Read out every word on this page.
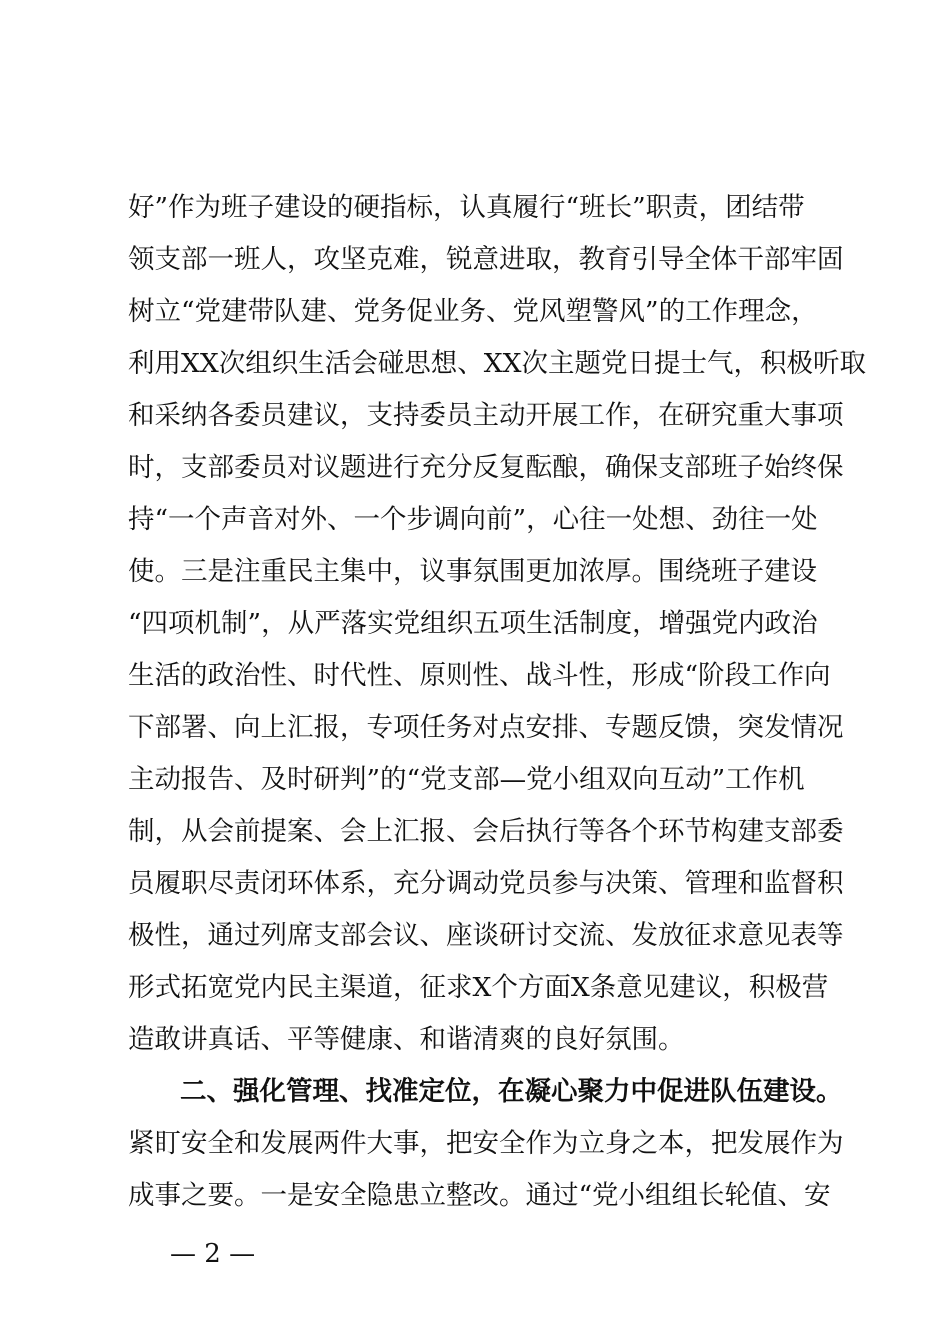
好”作为班子建设的硬指标，认真履行“班长”职责，团结带
领支部一班人，攻坚克难，锐意进取，教育引导全体干部牢固
树立“党建带队建、党务促业务、党风塑警风”的工作理念，
利用XX次组织生活会碰思想、XX次主题党日提士气，积极听取
和采纳各委员建议，支持委员主动开展工作，在研究重大事项
时，支部委员对议题进行充分反复酝酿，确保支部班子始终保
持“一个声音对外、一个步调向前”，心往一处想、劲往一处
使。三是注重民主集中，议事氛围更加浓厚。围绕班子建设
“四项机制”，从严落实党组织五项生活制度，增强党内政治
生活的政治性、时代性、原则性、战斗性，形成“阶段工作向
下部署、向上汇报，专项任务对点安排、专题反馈，突发情况
主动报告、及时研判”的“党支部—党小组双向互动”工作机
制，从会前提案、会上汇报、会后执行等各个环节构建支部委
员履职尽责闭环体系，充分调动党员参与决策、管理和监督积
极性，通过列席支部会议、座谈研讨交流、发放征求意见表等
形式拓宽党内民主渠道，征求X个方面X条意见建议，积极营
造敢讲真话、平等健康、和谐清爽的良好氛围。
二、强化管理、找准定位，在凝心聚力中促进队伍建设。
紧盯安全和发展两件大事，把安全作为立身之本，把发展作为
成事之要。一是安全隐患立整改。通过“党小组组长轮值、安
— 2 —
